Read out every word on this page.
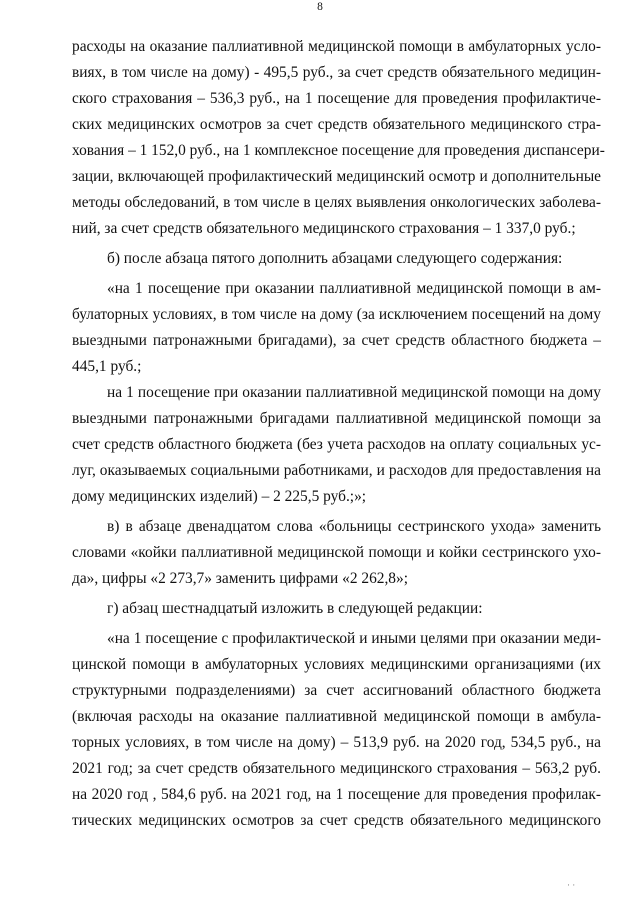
8
расходы на оказание паллиативной медицинской помощи в амбулаторных усло-
виях, в том числе на дому) - 495,5 руб., за счет средств обязательного медицин-
ского страхования – 536,3 руб., на 1 посещение для проведения профилактиче-
ских медицинских осмотров за счет средств обязательного медицинского стра-
хования – 1 152,0 руб., на 1 комплексное посещение для проведения диспансери-
зации, включающей профилактический медицинский осмотр и дополнительные
методы обследований, в том числе в целях выявления онкологических заболева-
ний, за счет средств обязательного медицинского страхования – 1 337,0 руб.;
б) после абзаца пятого дополнить абзацами следующего содержания:
«на 1 посещение при оказании паллиативной медицинской помощи в ам-
булаторных условиях, в том числе на дому (за исключением посещений на дому
выездными патронажными бригадами), за счет средств областного бюджета –
445,1 руб.;
на 1 посещение при оказании паллиативной медицинской помощи на дому
выездными патронажными бригадами паллиативной медицинской помощи за
счет средств областного бюджета (без учета расходов на оплату социальных ус-
луг, оказываемых социальными работниками, и расходов для предоставления на
дому медицинских изделий) – 2 225,5 руб.;»;
в) в абзаце двенадцатом слова «больницы сестринского ухода» заменить
словами «койки паллиативной медицинской помощи и койки сестринского ухо-
да», цифры «2 273,7» заменить цифрами «2 262,8»;
г) абзац шестнадцатый изложить в следующей редакции:
«на 1 посещение с профилактической и иными целями при оказании меди-
цинской помощи в амбулаторных условиях медицинскими организациями (их
структурными подразделениями) за счет ассигнований областного бюджета
(включая расходы на оказание паллиативной медицинской помощи в амбула-
торных условиях, в том числе на дому) – 513,9 руб. на 2020 год, 534,5 руб., на
2021 год; за счет средств обязательного медицинского страхования – 563,2 руб.
на 2020 год , 584,6 руб. на 2021 год, на 1 посещение для проведения профилак-
тических медицинских осмотров за счет средств обязательного медицинского
· ·
